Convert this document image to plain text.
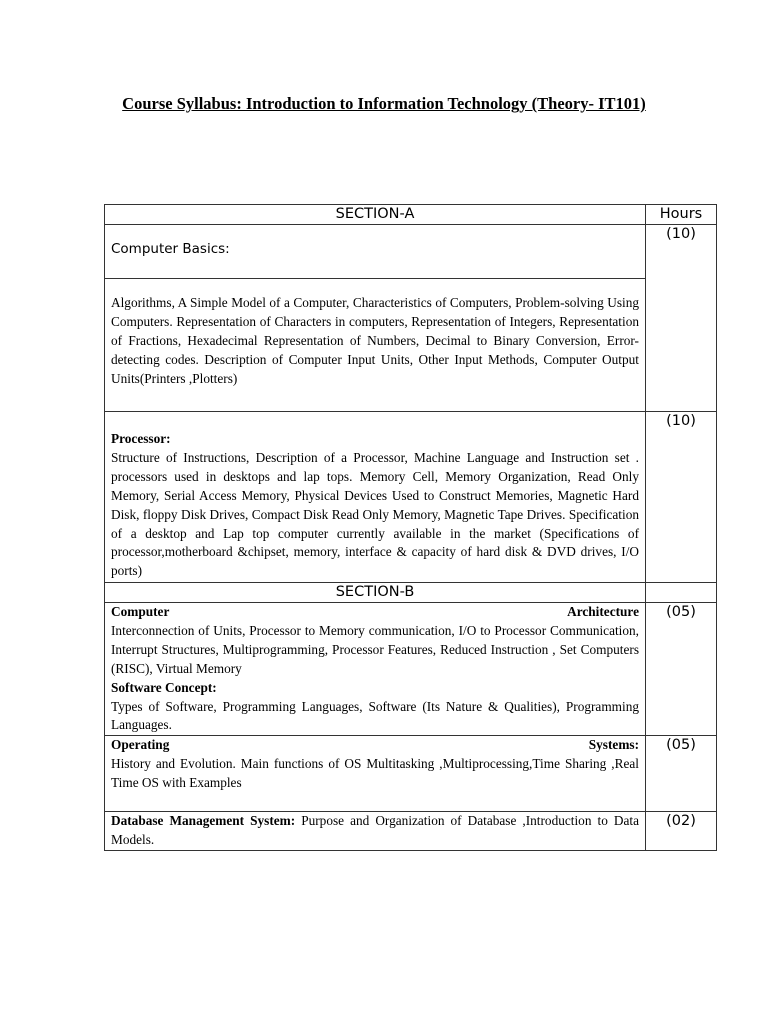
Course Syllabus: Introduction to Information Technology (Theory- IT101)
SECTION-A	Hours

Computer Basics:
Algorithms, A Simple Model of a Computer, Characteristics of Computers, Problem-solving Using Computers. Representation of Characters in computers, Representation of Integers, Representation of Fractions, Hexadecimal Representation of Numbers, Decimal to Binary Conversion, Error-detecting codes. Description of Computer Input Units, Other Input Methods, Computer Output Units(Printers ,Plotters)	(10)

Processor:
Structure of Instructions, Description of a Processor, Machine Language and Instruction set . processors used in desktops and lap tops. Memory Cell, Memory Organization, Read Only Memory, Serial Access Memory, Physical Devices Used to Construct Memories, Magnetic Hard Disk, floppy Disk Drives, Compact Disk Read Only Memory, Magnetic Tape Drives. Specification of a desktop and Lap top computer currently available in the market (Specifications of processor,motherboard &chipset, memory, interface & capacity of hard disk & DVD drives, I/O ports)	(10)
SECTION-B	

Computer Architecture
Interconnection of Units, Processor to Memory communication, I/O to Processor Communication, Interrupt Structures, Multiprogramming, Processor Features, Reduced Instruction , Set Computers (RISC), Virtual Memory
Software Concept:
Types of Software, Programming Languages, Software (Its Nature & Qualities), Programming Languages.	(05)

Operating Systems:
History and Evolution. Main functions of OS Multitasking ,Multiprocessing,Time Sharing ,Real Time OS with Examples	(05)

Database Management System: Purpose and Organization of Database ,Introduction to Data Models.	(02)
